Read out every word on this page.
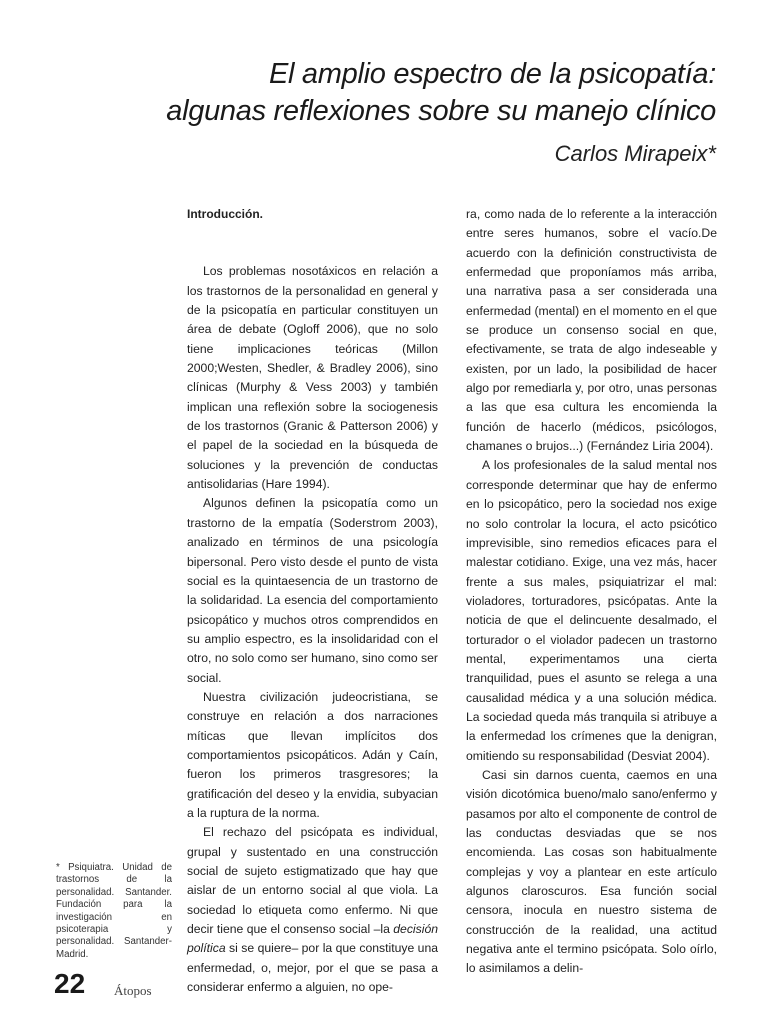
El amplio espectro de la psicopatía:
algunas reflexiones sobre su manejo clínico
Carlos Mirapeix*

Introducción.

Los problemas nosotáxicos en relación a los trastornos de la personalidad en general y de la psicopatía en particular constituyen un área de debate (Ogloff 2006), que no solo tiene implicaciones teóricas (Millon 2000;Westen, Shedler, & Bradley 2006), sino clínicas (Murphy & Vess 2003) y también implican una reflexión sobre la sociogenesis de los trastornos (Granic & Patterson 2006) y el papel de la sociedad en la búsqueda de soluciones y la prevención de conductas antisolidarias (Hare 1994).

Algunos definen la psicopatía como un trastorno de la empatía (Soderstrom 2003), analizado en términos de una psicología bipersonal. Pero visto desde el punto de vista social es la quintaesencia de un trastorno de la solidaridad. La esencia del comportamiento psicopático y muchos otros comprendidos en su amplio espectro, es la insolidaridad con el otro, no solo como ser humano, sino como ser social.

Nuestra civilización judeocristiana, se construye en relación a dos narraciones míticas que llevan implícitos dos comportamientos psicopáticos. Adán y Caín, fueron los primeros trasgresores; la gratificación del deseo y la envidia, subyacian a la ruptura de la norma.

El rechazo del psicópata es individual, grupal y sustentado en una construcción social de sujeto estigmatizado que hay que aislar de un entorno social al que viola. La sociedad lo etiqueta como enfermo. Ni que decir tiene que el consenso social –la decisión política si se quiere– por la que constituye una enfermedad, o, mejor, por el que se pasa a considerar enfermo a alguien, no ope-

ra, como nada de lo referente a la interacción entre seres humanos, sobre el vacío.De acuerdo con la definición constructivista de enfermedad que proponíamos más arriba, una narrativa pasa a ser considerada una enfermedad (mental) en el momento en el que se produce un consenso social en que, efectivamente, se trata de algo indeseable y existen, por un lado, la posibilidad de hacer algo por remediarla y, por otro, unas personas a las que esa cultura les encomienda la función de hacerlo (médicos, psicólogos, chamanes o brujos...) (Fernández Liria 2004).

A los profesionales de la salud mental nos corresponde determinar que hay de enfermo en lo psicopático, pero la sociedad nos exige no solo controlar la locura, el acto psicótico imprevisible, sino remedios eficaces para el malestar cotidiano. Exige, una vez más, hacer frente a sus males, psiquiatrizar el mal: violadores, torturadores, psicópatas. Ante la noticia de que el delincuente desalmado, el torturador o el violador padecen un trastorno mental, experimentamos una cierta tranquilidad, pues el asunto se relega a una causalidad médica y a una solución médica. La sociedad queda más tranquila si atribuye a la enfermedad los crímenes que la denigran, omitiendo su responsabilidad (Desviat 2004).

Casi sin darnos cuenta, caemos en una visión dicotómica bueno/malo sano/enfermo y pasamos por alto el componente de control de las conductas desviadas que se nos encomienda. Las cosas son habitualmente complejas y voy a plantear en este artículo algunos claroscuros. Esa función social censora, inocula en nuestro sistema de construcción de la realidad, una actitud negativa ante el termino psicópata. Solo oírlo, lo asimilamos a delin-

* Psiquiatra. Unidad de trastornos de la personalidad. Santander. Fundación para la investigación en psicoterapia y personalidad. Santander-Madrid.
22 Átopos
